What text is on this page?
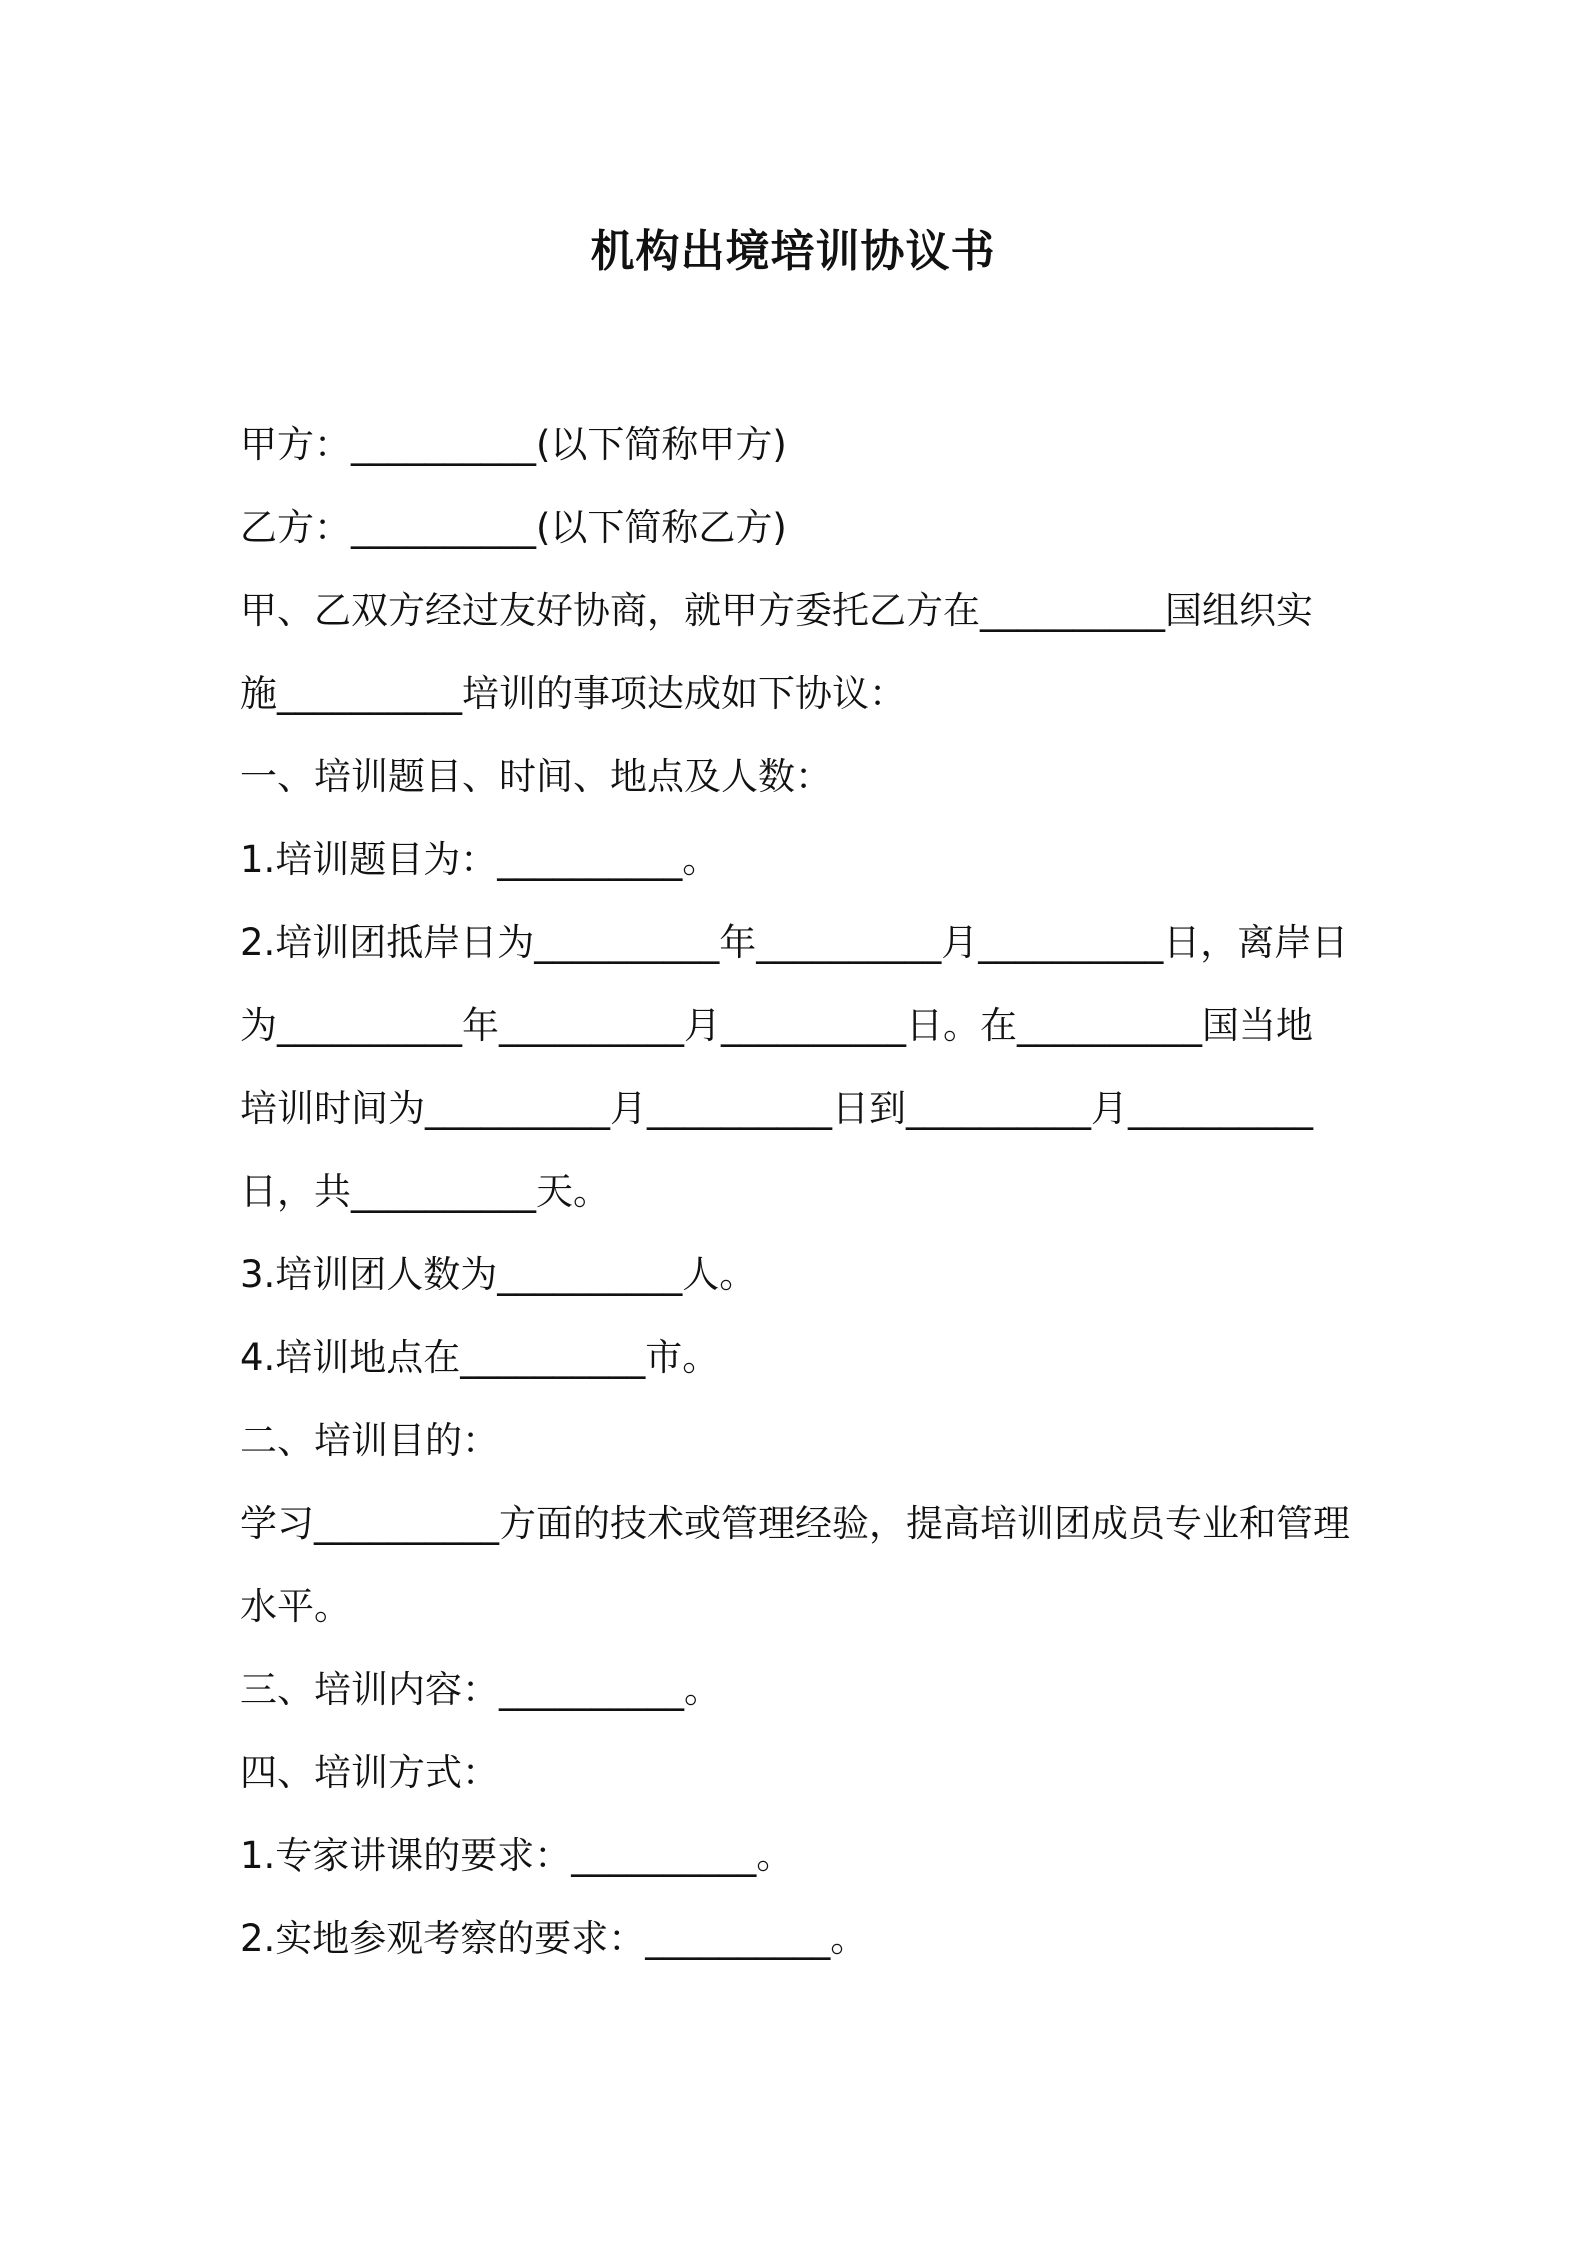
机构出境培训协议书

甲方：__________(以下简称甲方)

乙方：__________(以下简称乙方)

甲、乙双方经过友好协商，就甲方委托乙方在__________国组织实

施__________培训的事项达成如下协议：

一、培训题目、时间、地点及人数：

1.培训题目为：__________。

2.培训团抵岸日为__________年__________月__________日，离岸日

为__________年__________月__________日。在__________国当地

培训时间为__________月__________日到__________月__________

日，共__________天。

3.培训团人数为__________人。

4.培训地点在__________市。

二、培训目的：

学习__________方面的技术或管理经验，提高培训团成员专业和管理

水平。

三、培训内容：__________。

四、培训方式：

1.专家讲课的要求：__________。

2.实地参观考察的要求：__________。
